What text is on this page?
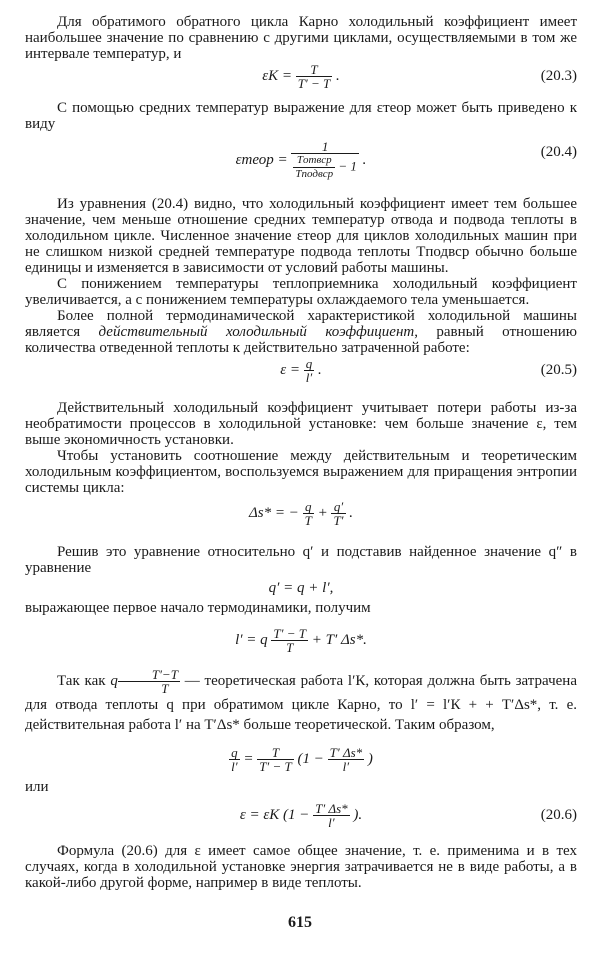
Для обратимого обратного цикла Карно холодильный коэффициент имеет наибольшее значение по сравнению с другими циклами, осуществляемыми в том же интервале температур, и

$\varepsilon К = \frac{T}{T' - T}$ .	(20.3)

С помощью средних температур выражение для εтеор может быть приведено к виду

εтеор = $\frac{1}{\frac{\text{Tотвcp}}{\text{Tподвcp}} - 1}$ .	(20.4)

Из уравнения (20.4) видно, что холодильный коэффициент имеет тем большее значение, чем меньше отношение средних температур отвода и подвода теплоты в холодильном цикле. Численное значение εтеор для циклов холодильных машин при не слишком низкой средней температуре подвода теплоты Tподвcp обычно больше единицы и изменяется в зависимости от условий работы машины.

С понижением температуры теплоприемника холодильный коэффициент увеличивается, а с понижением температуры охлаждаемого тела уменьшается.

Более полной термодинамической характеристикой холодильной машины является действительный холодильный коэффициент, равный отношению количества отведенной теплоты к действительно затраченной работе:

$\varepsilon = \frac{q}{l'}$ .	(20.5)

Действительный холодильный коэффициент учитывает потери работы из-за необратимости процессов в холодильной установке: чем больше значение ε, тем выше экономичность установки.

Чтобы установить соотношение между действительным и теоретическим холодильным коэффициентом, воспользуемся выражением для приращения энтропии системы цикла:

Δs* = − $\frac{q}{T} + \frac{q'}{T'}$ .

Решив это уравнение относительно q′ и подставив найденное значение q″ в уравнение

q′ = q + l′,

выражающее первое начало термодинамики, получим

l′ = q $\frac{T' - T}{T} + T'$ Δs*.

Так как q $\frac{T'-T}{T}$ — теоретическая работа l′К, которая должна быть затрачена для отвода теплоты q при обратимом цикле Карно, то l′ = l′К + + T′Δs*, т. е. действительная работа l′ на T′Δs* больше теоретической. Таким образом,

$\frac{q}{l'} = \frac{T}{T' - T} (1 - \frac{T' \Delta s*}{l'}$ )

или

ε = εК ($1 - \frac{T' \Delta s*}{l'}$ ).	(20.6)

Формула (20.6) для ε имеет самое общее значение, т. е. применима и в тех случаях, когда в холодильной установке энергия затрачивается не в виде работы, а в какой-либо другой форме, например в виде теплоты.

615
